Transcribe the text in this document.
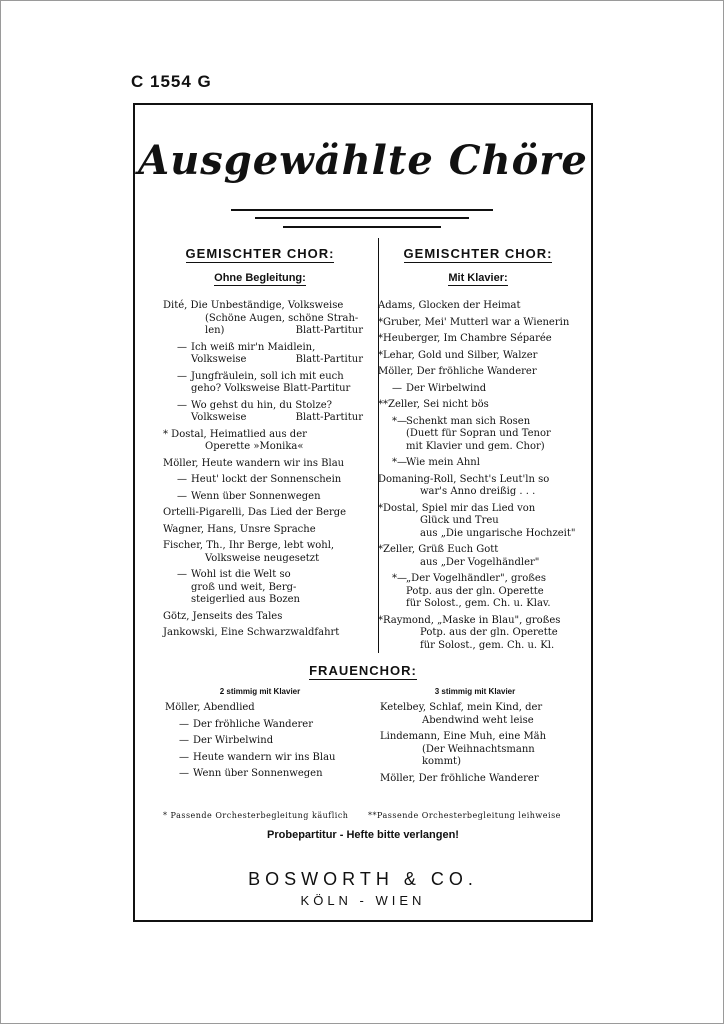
C 1554 G
Ausgewählte Chöre
GEMISCHTER CHOR:
Ohne Begleitung:
Dité, Die Unbeständige, Volksweise
(Schöne Augen, schöne Strah-
len)	Blatt-Partitur
— Ich weiß mir'n Maidlein,
Volksweise	Blatt-Partitur
— Jungfräulein, soll ich mit euch
geho? Volksweise Blatt-Partitur
— Wo gehst du hin, du Stolze?
Volksweise	Blatt-Partitur
* Dostal, Heimatlied aus der
Operette »Monika«
Möller, Heute wandern wir ins Blau
— Heut' lockt der Sonnenschein
— Wenn über Sonnenwegen
Ortelli-Pigarelli, Das Lied der Berge
Wagner, Hans, Unsre Sprache
Fischer, Th., Ihr Berge, lebt wohl,
Volksweise neugesetzt
— Wohl ist die Welt so
groß und weit, Berg-
steigerlied aus Bozen
Götz, Jenseits des Tales
Jankowski, Eine Schwarzwaldfahrt
GEMISCHTER CHOR:
Mit Klavier:
Adams, Glocken der Heimat
*Gruber, Mei' Mutterl war a Wienerin
*Heuberger, Im Chambre Séparée
*Lehar, Gold und Silber, Walzer
Möller, Der fröhliche Wanderer
— Der Wirbelwind
**Zeller, Sei nicht bös
*— Schenkt man sich Rosen
(Duett für Sopran und Tenor
mit Klavier und gem. Chor)
*— Wie mein Ahnl
Domaning-Roll, Secht's Leut'ln so
war's Anno dreißig . . .
*Dostal, Spiel mir das Lied von
Glück und Treu
aus „Die ungarische Hochzeit"
*Zeller, Grüß Euch Gott
aus „Der Vogelhändler"
*— „Der Vogelhändler", großes
Potp. aus der gln. Operette
für Solost., gem. Ch. u. Klav.
*Raymond, „Maske in Blau", großes
Potp. aus der gln. Operette
für Solost., gem. Ch. u. Kl.
FRAUENCHOR:
2 stimmig mit Klavier	3 stimmig mit Klavier
Möller, Abendlied
— Der fröhliche Wanderer
— Der Wirbelwind
— Heute wandern wir ins Blau
— Wenn über Sonnenwegen
Ketelbey, Schlaf, mein Kind, der
Abendwind weht leise
Lindemann, Eine Muh, eine Mäh
(Der Weihnachtsmann
kommt)
Möller, Der fröhliche Wanderer
* Passende Orchesterbegleitung käuflich **Passende Orchesterbegleitung leihweise
Probepartitur - Hefte bitte verlangen!
BOSWORTH & CO.
KÖLN - WIEN
